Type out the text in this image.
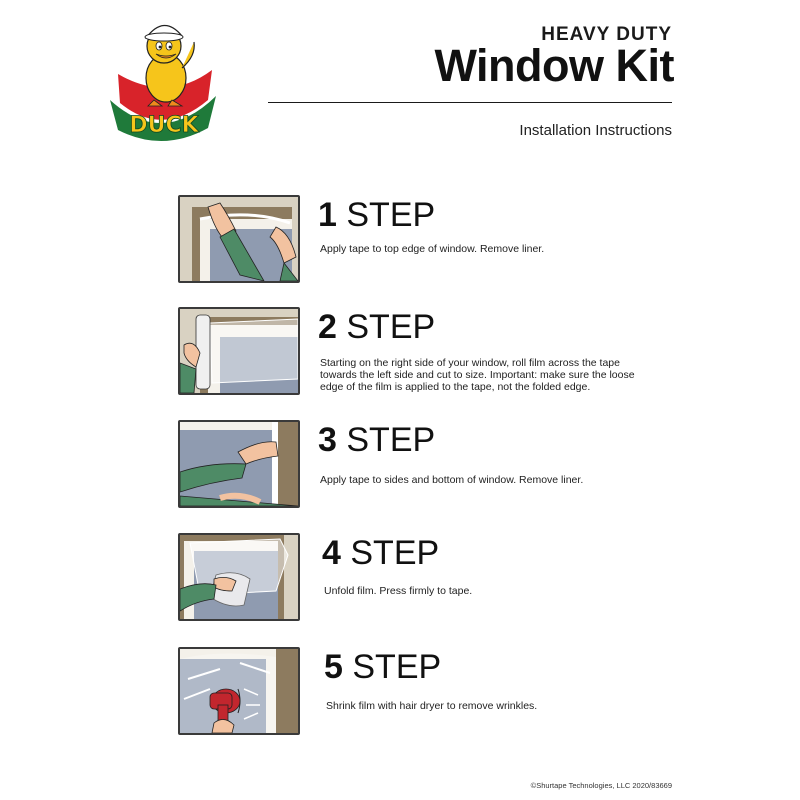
DUCK
HEAVY DUTY
Window Kit
Installation Instructions
1 STEP
Apply tape to top edge of window. Remove liner.
2 STEP
Starting on the right side of your window, roll film across the tape
towards the left side and cut to size. Important: make sure the loose
edge of the film is applied to the tape, not the folded edge.
3 STEP
Apply tape to sides and bottom of window. Remove liner.
4 STEP
Unfold film. Press firmly to tape.
5 STEP
Shrink film with hair dryer to remove wrinkles.
©Shurtape Technologies, LLC 2020/83669
